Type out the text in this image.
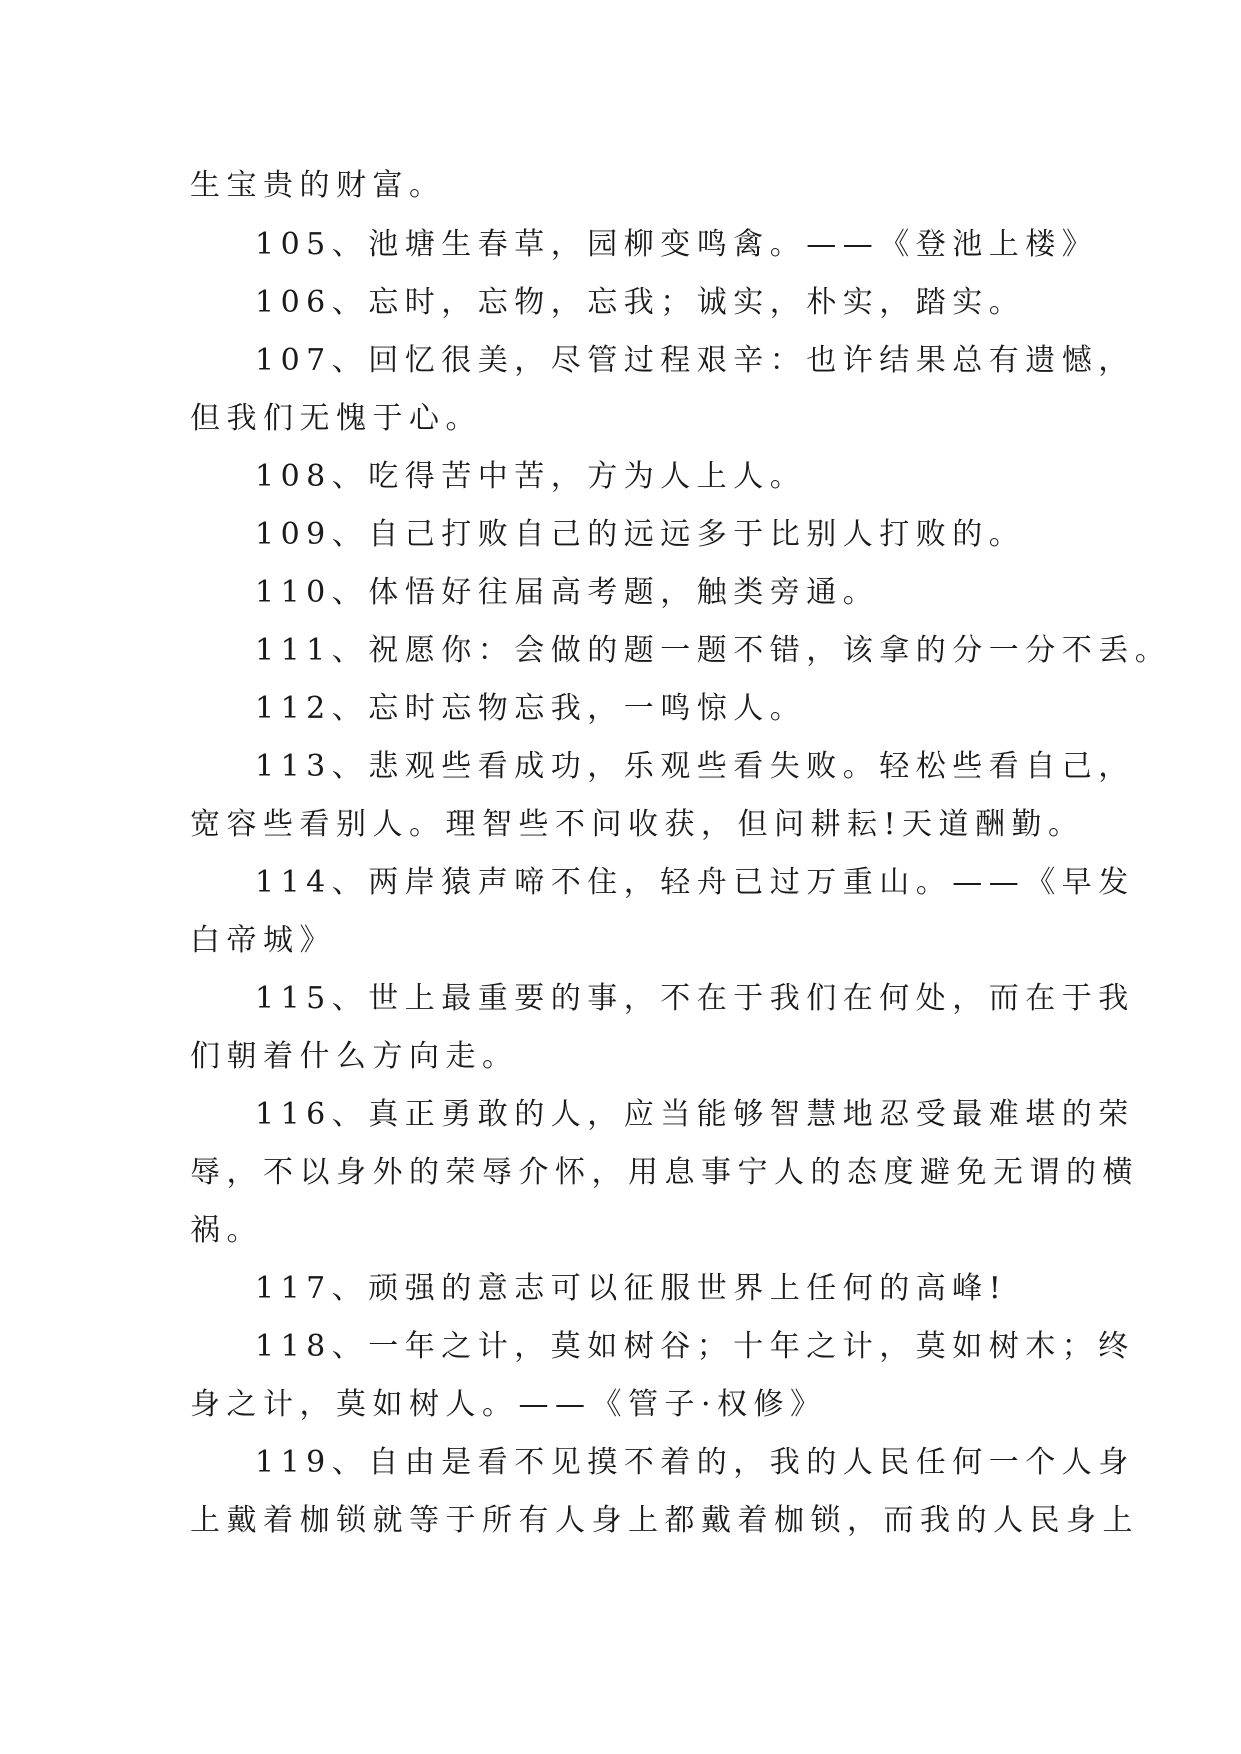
生宝贵的财富。
105、池塘生春草，园柳变鸣禽。——《登池上楼》
106、忘时，忘物，忘我；诚实，朴实，踏实。
107、回忆很美，尽管过程艰辛：也许结果总有遗憾，
但我们无愧于心。
108、吃得苦中苦，方为人上人。
109、自己打败自己的远远多于比别人打败的。
110、体悟好往届高考题，触类旁通。
111、祝愿你：会做的题一题不错，该拿的分一分不丢。
112、忘时忘物忘我，一鸣惊人。
113、悲观些看成功，乐观些看失败。轻松些看自己，
宽容些看别人。理智些不问收获，但问耕耘!天道酬勤。
114、两岸猿声啼不住，轻舟已过万重山。——《早发
白帝城》
115、世上最重要的事，不在于我们在何处，而在于我
们朝着什么方向走。
116、真正勇敢的人，应当能够智慧地忍受最难堪的荣
辱，不以身外的荣辱介怀，用息事宁人的态度避免无谓的横
祸。
117、顽强的意志可以征服世界上任何的高峰!
118、一年之计，莫如树谷；十年之计，莫如树木；终
身之计，莫如树人。——《管子·权修》
119、自由是看不见摸不着的，我的人民任何一个人身
上戴着枷锁就等于所有人身上都戴着枷锁，而我的人民身上
